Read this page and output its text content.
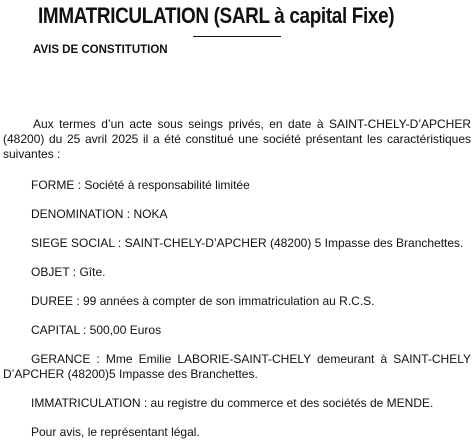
IMMATRICULATION (SARL à capital Fixe)
AVIS DE CONSTITUTION

Aux termes d’un acte sous seings privés, en date à SAINT-CHELY-D’APCHER (48200) du 25 avril 2025 il a été constitué une société présentant les caractéristiques suivantes :

FORME : Société à responsabilité limitée

DENOMINATION : NOKA

SIEGE SOCIAL : SAINT-CHELY-D’APCHER (48200) 5 Impasse des Branchettes.

OBJET : Gîte.

DUREE : 99 années à compter de son immatriculation au R.C.S.

CAPITAL : 500,00 Euros

GERANCE : Mme Emilie LABORIE-SAINT-CHELY demeurant à SAINT-CHELY D’APCHER (48200)5 Impasse des Branchettes.

IMMATRICULATION : au registre du commerce et des sociétés de MENDE.

Pour avis, le représentant légal.
